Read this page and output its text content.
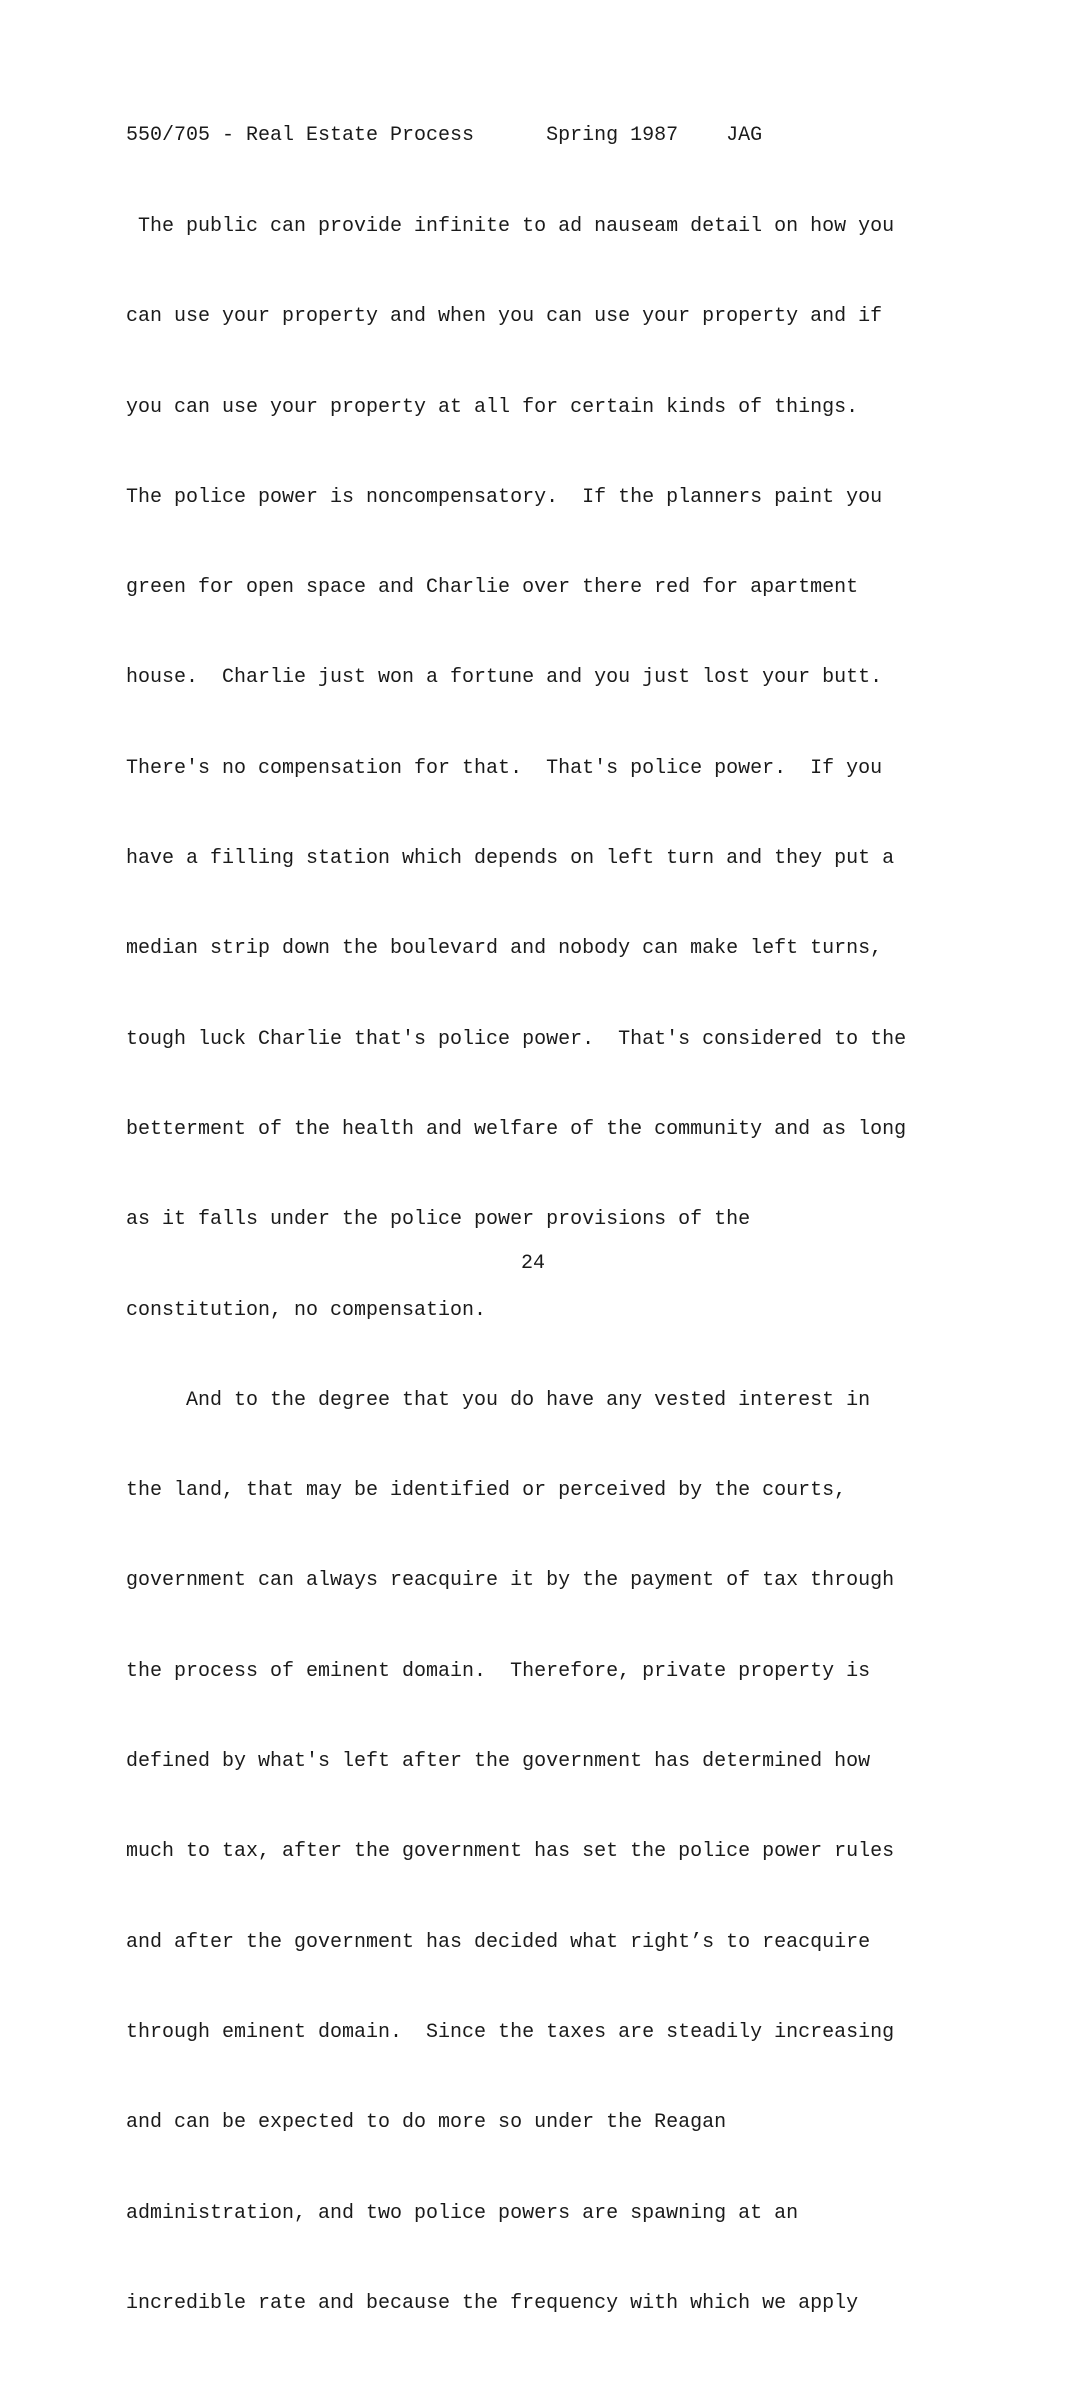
550/705 - Real Estate Process      Spring 1987    JAG

The public can provide infinite to ad nauseam detail on how you

can use your property and when you can use your property and if

you can use your property at all for certain kinds of things.

The police power is noncompensatory.  If the planners paint you

green for open space and Charlie over there red for apartment

house.  Charlie just won a fortune and you just lost your butt.

There's no compensation for that.  That's police power.  If you

have a filling station which depends on left turn and they put a

median strip down the boulevard and nobody can make left turns,

tough luck Charlie that's police power.  That's considered to the

betterment of the health and welfare of the community and as long

as it falls under the police power provisions of the

constitution, no compensation.

And to the degree that you do have any vested interest in

the land, that may be identified or perceived by the courts,

government can always reacquire it by the payment of tax through

the process of eminent domain.  Therefore, private property is

defined by what's left after the government has determined how

much to tax, after the government has set the police power rules

and after the government has decided what right’s to reacquire

through eminent domain.  Since the taxes are steadily increasing

and can be expected to do more so under the Reagan

administration, and two police powers are spawning at an

incredible rate and because the frequency with which we apply

24
